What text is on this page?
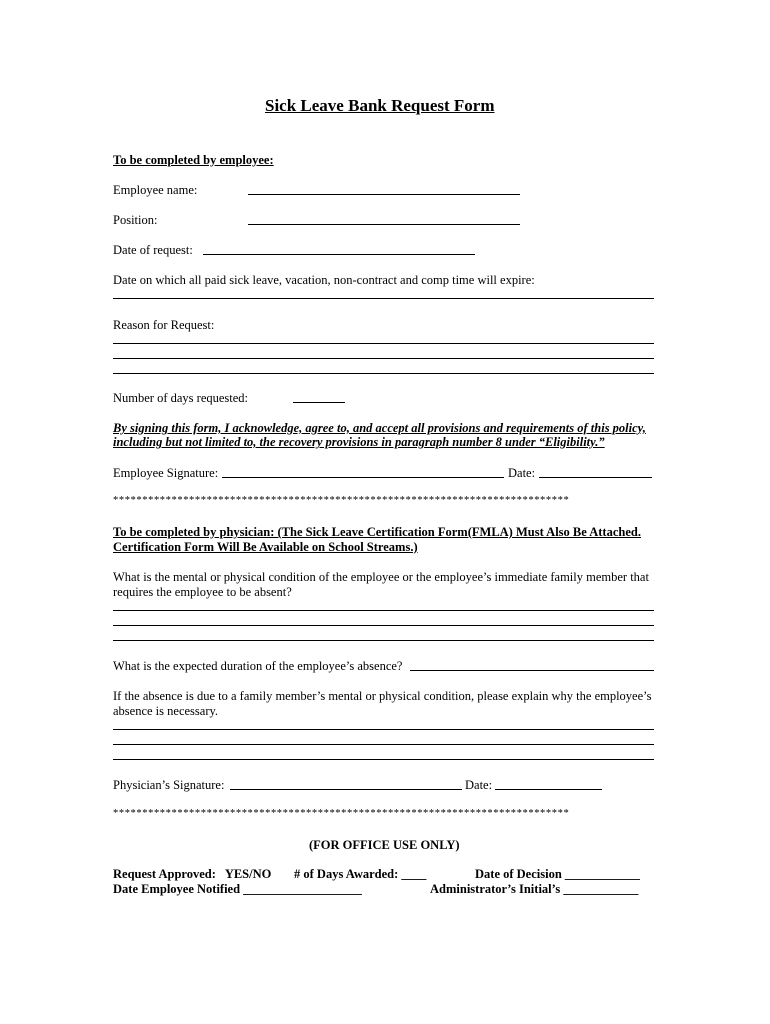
Sick Leave Bank Request Form
To be completed by employee:
Employee name:
Position:
Date of request:
Date on which all paid sick leave, vacation, non-contract and comp time will expire:
Reason for Request:
Number of days requested:
By signing this form, I acknowledge, agree to, and accept all provisions and requirements of this policy,
including but not limited to, the recovery provisions in paragraph number 8 under “Eligibility.”
Employee Signature:	Date:
******************************************************************************
To be completed by physician: (The Sick Leave Certification Form(FMLA) Must Also Be Attached.
Certification Form Will Be Available on School Streams.)
What is the mental or physical condition of the employee or the employee’s immediate family member that
requires the employee to be absent?
What is the expected duration of the employee’s absence?
If the absence is due to a family member’s mental or physical condition, please explain why the employee’s
absence is necessary.
Physician’s Signature:	Date:
******************************************************************************
(FOR OFFICE USE ONLY)
Request Approved:   YES/NO # of Days Awarded: ____	Date of Decision ____________
Date Employee Notified ___________________	Administrator’s Initial’s ____________
